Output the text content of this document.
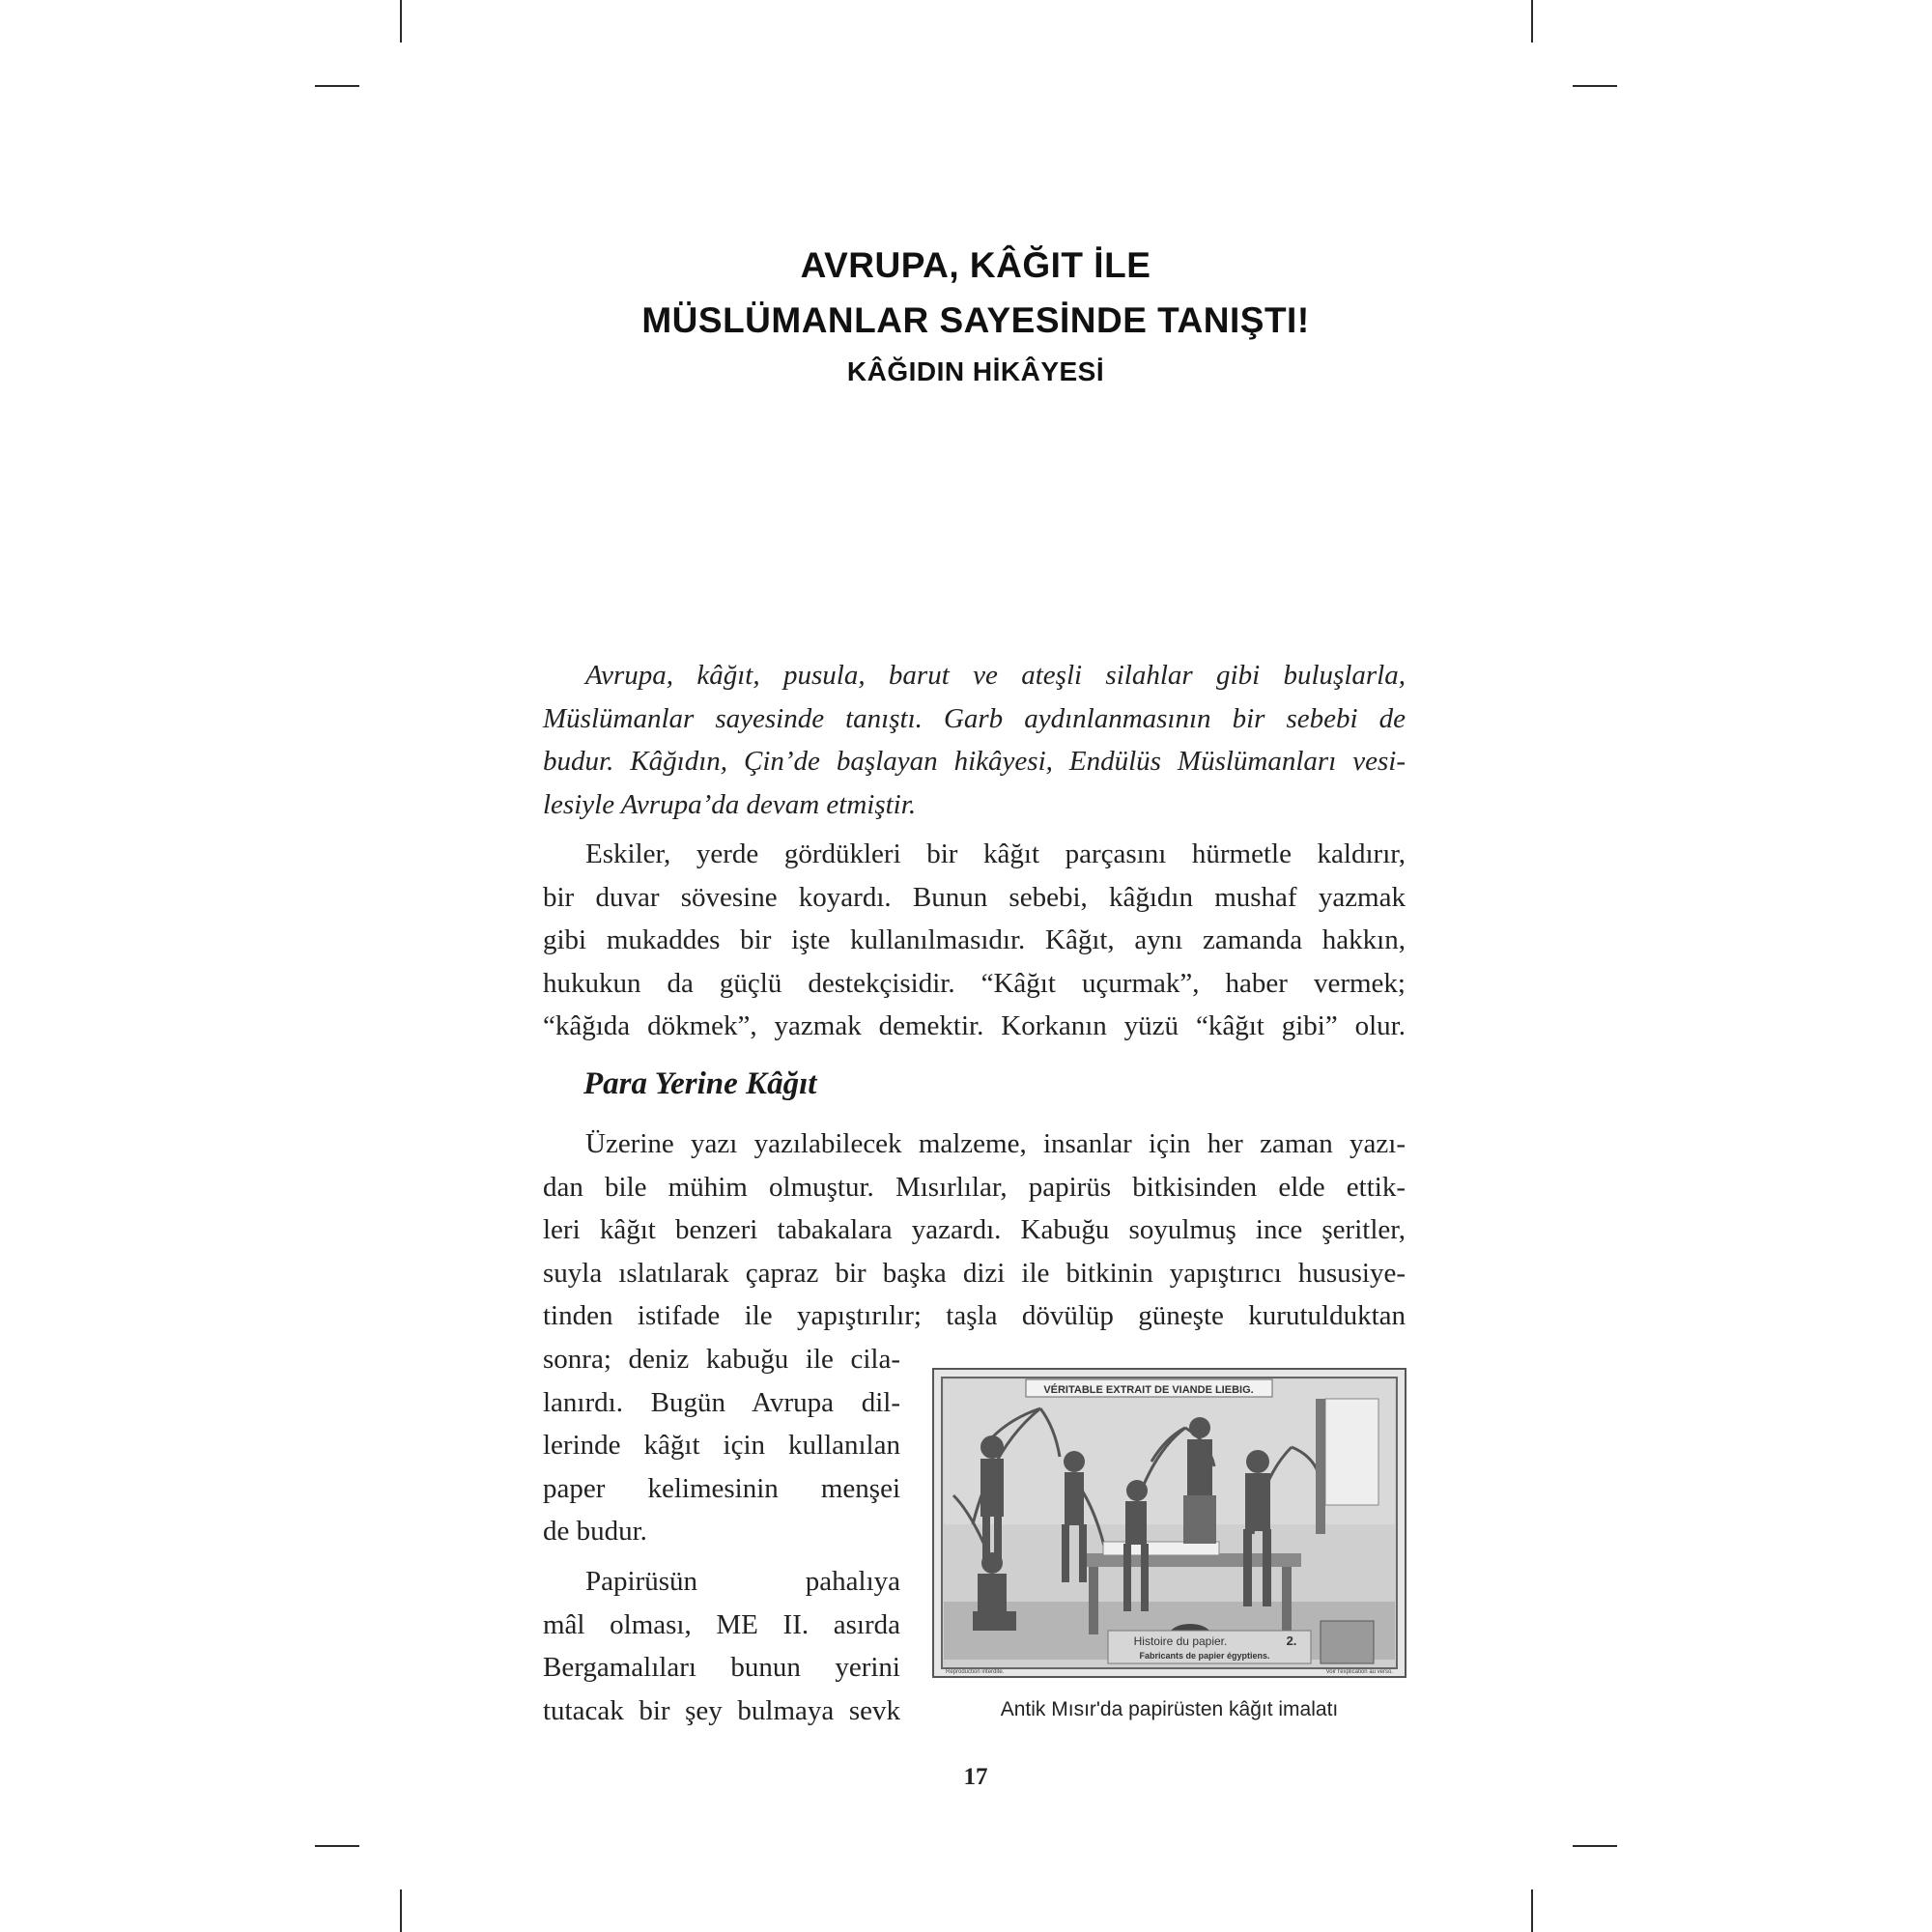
AVRUPA, KÂĞIT İLE
MÜSLÜMANLAR SAYESİNDE TANIŞTI!
KÂĞIDIN HİKÂYESİ
Avrupa, kâğıt, pusula, barut ve ateşli silahlar gibi buluşlarla,
Müslümanlar sayesinde tanıştı. Garb aydınlanmasının bir sebebi de
budur. Kâğıdın, Çin’de başlayan hikâyesi, Endülüs Müslümanları vesi-
lesiyle Avrupa’da devam etmiştir.
Eskiler, yerde gördükleri bir kâğıt parçasını hürmetle kaldırır,
bir duvar sövesine koyardı. Bunun sebebi, kâğıdın mushaf yazmak
gibi mukaddes bir işte kullanılmasıdır. Kâğıt, aynı zamanda hakkın,
hukukun da güçlü destekçisidir. “Kâğıt uçurmak”, haber vermek;
“kâğıda dökmek”, yazmak demektir. Korkanın yüzü “kâğıt gibi” olur.
Para Yerine Kâğıt
Üzerine yazı yazılabilecek malzeme, insanlar için her zaman yazı-
dan bile mühim olmuştur. Mısırlılar, papirüs bitkisinden elde ettik-
leri kâğıt benzeri tabakalara yazardı. Kabuğu soyulmuş ince şeritler,
suyla ıslatılarak çapraz bir başka dizi ile bitkinin yapıştırıcı hususiye-
tinden istifade ile yapıştırılır; taşla dövülüp güneşte kurutulduktan
sonra; deniz kabuğu ile cila-
lanırdı. Bugün Avrupa dil-
lerinde kâğıt için kullanılan
paper kelimesinin menşei
de budur.
Papirüsün pahalıya
mâl olması, ME II. asırda
Bergamalıları bunun yerini
tutacak bir şey bulmaya sevk
VÉRITABLE EXTRAIT DE VIANDE LIEBIG.
Histoire du papier.	2.
Fabricants de papier égyptiens.
Reproduction interdite.	Voir l’explication au verso.
Antik Mısır'da papirüsten kâğıt imalatı
17
